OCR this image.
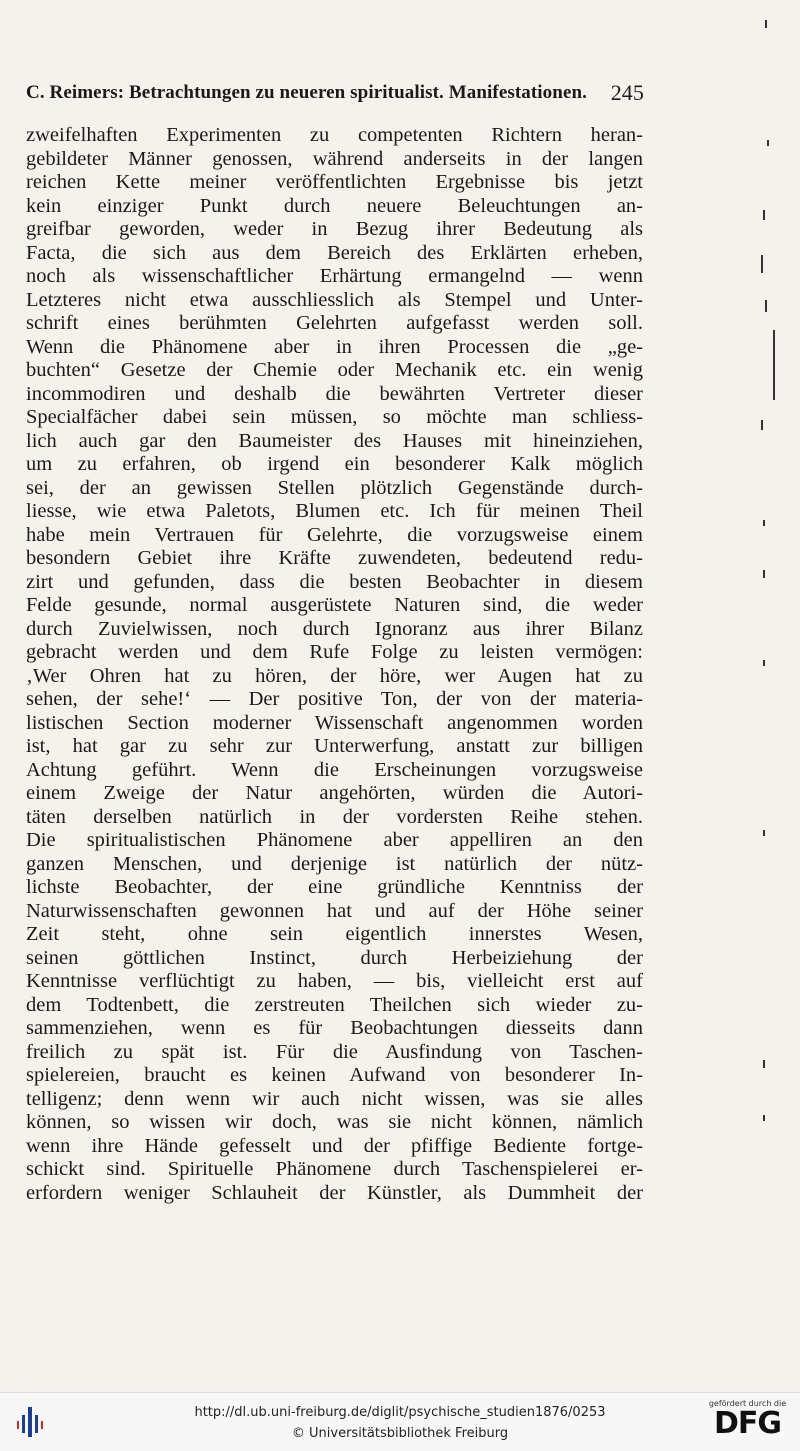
C. Reimers: Betrachtungen zu neueren spiritualist. Manifestationen. 245
zweifelhaften Experimenten zu competenten Richtern heran-
gebildeter Männer genossen, während anderseits in der langen
reichen Kette meiner veröffentlichten Ergebnisse bis jetzt
kein einziger Punkt durch neuere Beleuchtungen an-
greifbar geworden, weder in Bezug ihrer Bedeutung als
Facta, die sich aus dem Bereich des Erklärten erheben,
noch als wissenschaftlicher Erhärtung ermangelnd — wenn
Letzteres nicht etwa ausschliesslich als Stempel und Unter-
schrift eines berühmten Gelehrten aufgefasst werden soll.
Wenn die Phänomene aber in ihren Processen die „ge-
buchten“ Gesetze der Chemie oder Mechanik etc. ein wenig
incommodiren und deshalb die bewährten Vertreter dieser
Specialfächer dabei sein müssen, so möchte man schliess-
lich auch gar den Baumeister des Hauses mit hineinziehen,
um zu erfahren, ob irgend ein besonderer Kalk möglich
sei, der an gewissen Stellen plötzlich Gegenstände durch-
liesse, wie etwa Paletots, Blumen etc. Ich für meinen Theil
habe mein Vertrauen für Gelehrte, die vorzugsweise einem
besondern Gebiet ihre Kräfte zuwendeten, bedeutend redu-
zirt und gefunden, dass die besten Beobachter in diesem
Felde gesunde, normal ausgerüstete Naturen sind, die weder
durch Zuvielwissen, noch durch Ignoranz aus ihrer Bilanz
gebracht werden und dem Rufe Folge zu leisten vermögen:
‚Wer Ohren hat zu hören, der höre, wer Augen hat zu
sehen, der sehe!‘ — Der positive Ton, der von der materia-
listischen Section moderner Wissenschaft angenommen worden
ist, hat gar zu sehr zur Unterwerfung, anstatt zur billigen
Achtung geführt. Wenn die Erscheinungen vorzugsweise
einem Zweige der Natur angehörten, würden die Autori-
täten derselben natürlich in der vordersten Reihe stehen.
Die spiritualistischen Phänomene aber appelliren an den
ganzen Menschen, und derjenige ist natürlich der nütz-
lichste Beobachter, der eine gründliche Kenntniss der
Naturwissenschaften gewonnen hat und auf der Höhe seiner
Zeit steht, ohne sein eigentlich innerstes Wesen,
seinen göttlichen Instinct, durch Herbeiziehung der
Kenntnisse verflüchtigt zu haben, — bis, vielleicht erst auf
dem Todtenbett, die zerstreuten Theilchen sich wieder zu-
sammenziehen, wenn es für Beobachtungen diesseits dann
freilich zu spät ist. Für die Ausfindung von Taschen-
spielereien, braucht es keinen Aufwand von besonderer In-
telligenz; denn wenn wir auch nicht wissen, was sie alles
können, so wissen wir doch, was sie nicht können, nämlich
wenn ihre Hände gefesselt und der pfiffige Bediente fortge-
schickt sind. Spirituelle Phänomene durch Taschenspielerei er-
erfordern weniger Schlauheit der Künstler, als Dummheit der
http://dl.ub.uni-freiburg.de/diglit/psychische_studien1876/0253
© Universitätsbibliothek Freiburg
gefördert durch die
DFG
